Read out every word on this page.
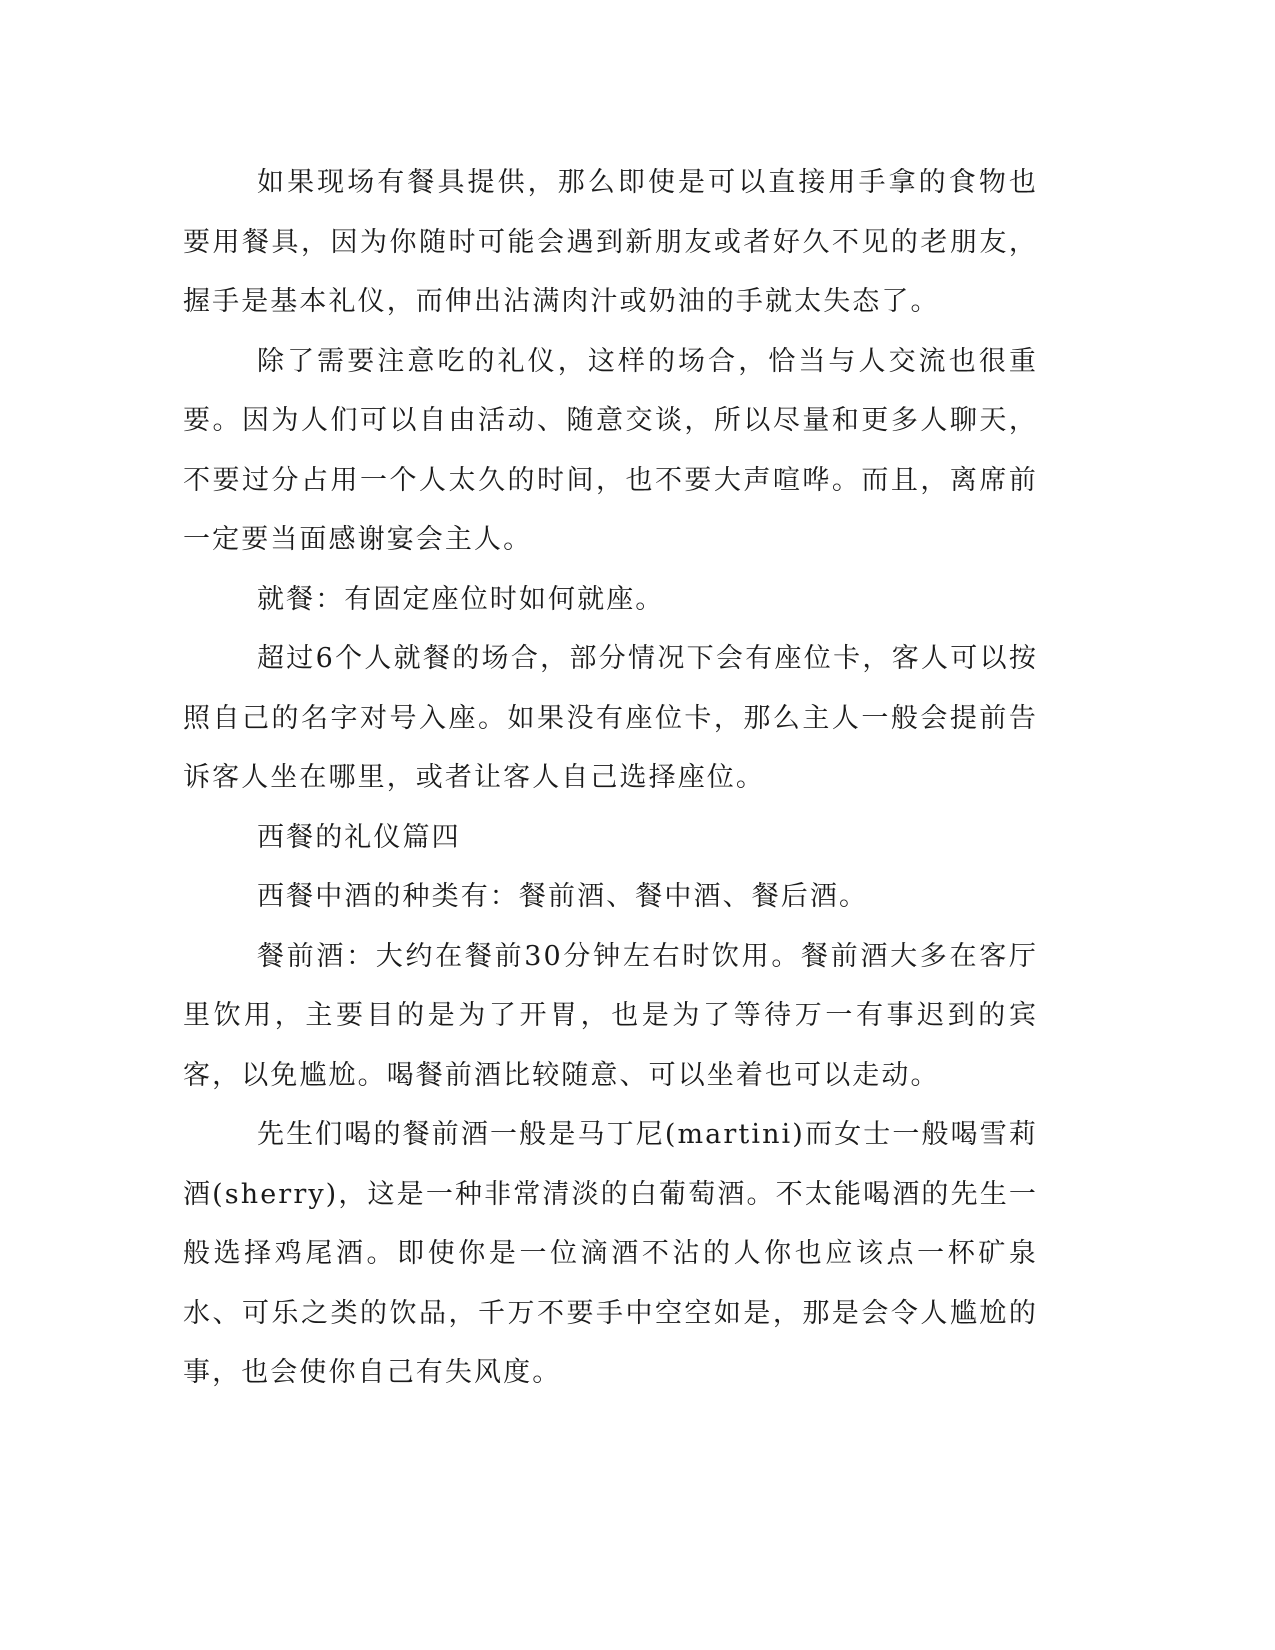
如果现场有餐具提供，那么即使是可以直接用手拿的食物也要用餐具，因为你随时可能会遇到新朋友或者好久不见的老朋友，握手是基本礼仪，而伸出沾满肉汁或奶油的手就太失态了。

除了需要注意吃的礼仪，这样的场合，恰当与人交流也很重要。因为人们可以自由活动、随意交谈，所以尽量和更多人聊天，不要过分占用一个人太久的时间，也不要大声喧哗。而且，离席前一定要当面感谢宴会主人。

就餐：有固定座位时如何就座。

超过6个人就餐的场合，部分情况下会有座位卡，客人可以按照自己的名字对号入座。如果没有座位卡，那么主人一般会提前告诉客人坐在哪里，或者让客人自己选择座位。

西餐的礼仪篇四

西餐中酒的种类有：餐前酒、餐中酒、餐后酒。

餐前酒：大约在餐前30分钟左右时饮用。餐前酒大多在客厅里饮用，主要目的是为了开胃，也是为了等待万一有事迟到的宾客，以免尴尬。喝餐前酒比较随意、可以坐着也可以走动。

先生们喝的餐前酒一般是马丁尼(martini)而女士一般喝雪莉酒(sherry)，这是一种非常清淡的白葡萄酒。不太能喝酒的先生一般选择鸡尾酒。即使你是一位滴酒不沾的人你也应该点一杯矿泉水、可乐之类的饮品，千万不要手中空空如是，那是会令人尴尬的事，也会使你自己有失风度。
